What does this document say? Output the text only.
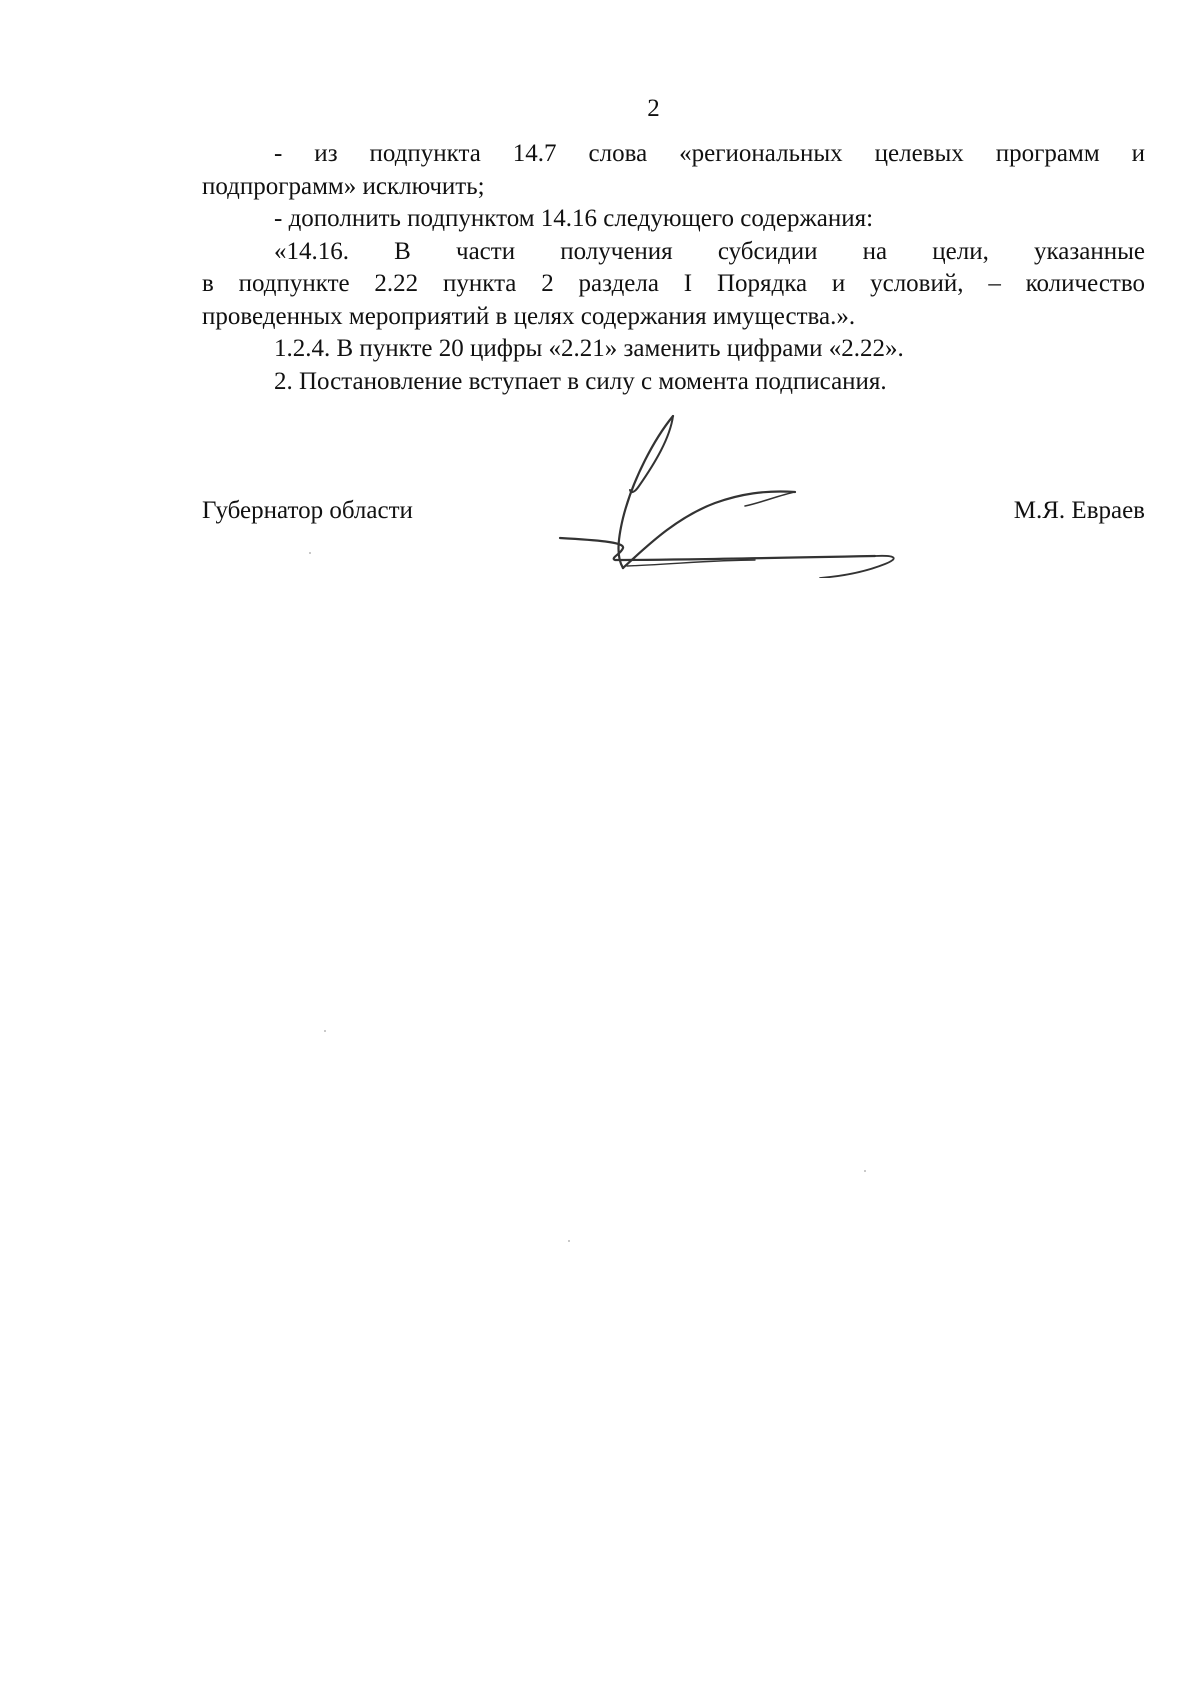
2

- из подпункта 14.7 слова «региональных целевых программ и

подпрограмм» исключить;

- дополнить подпунктом 14.16 следующего содержания:

«14.16. В части получения субсидии на цели, указанные

в подпункте 2.22 пункта 2 раздела I Порядка и условий, – количество

проведенных мероприятий в целях содержания имущества.».

1.2.4. В пункте 20 цифры «2.21» заменить цифрами «2.22».

2. Постановление вступает в силу с момента подписания.

Губернатор области	М.Я. Евраев
